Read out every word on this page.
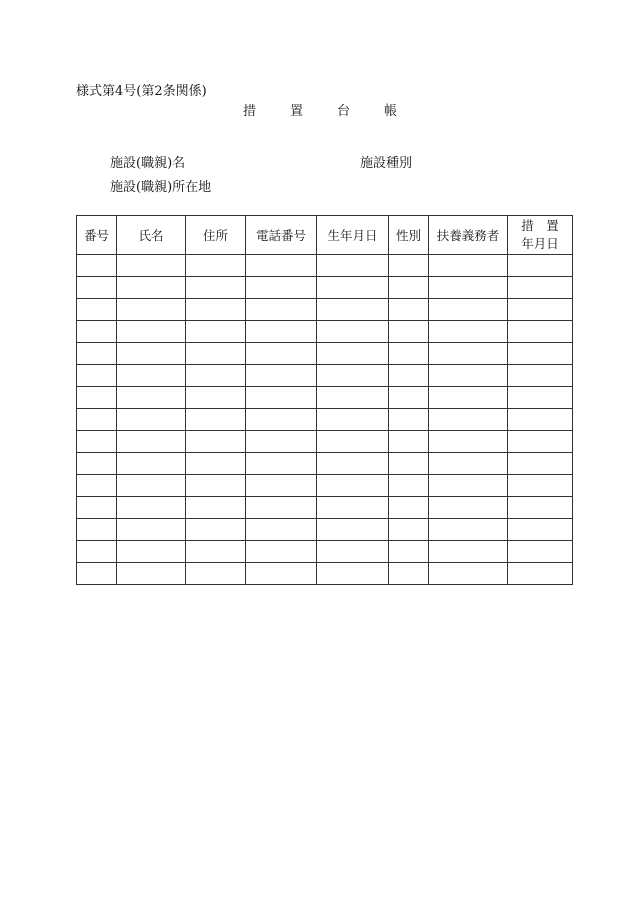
様式第4号(第2条関係)
措	置	台	帳
施設(職親)名	施設種別
施設(職親)所在地
番号	氏名	住所	電話番号	生年月日	性別	扶養義務者	措　置
年月日
